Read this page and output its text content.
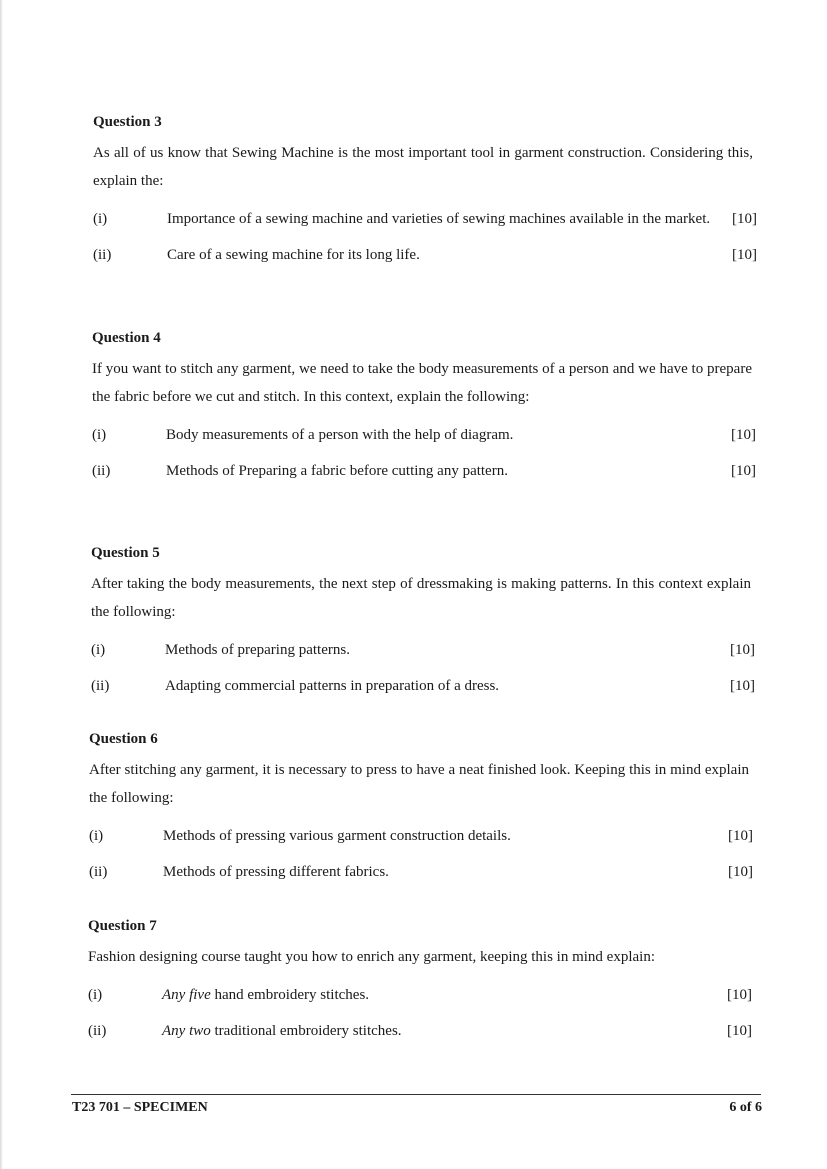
Question 3

As all of us know that Sewing Machine is the most important tool in garment construction. Considering this, explain the:

(i)	Importance of a sewing machine and varieties of sewing machines available in the market.	[10]
(ii)	Care of a sewing machine for its long life.	[10]
Question 4

If you want to stitch any garment, we need to take the body measurements of a person and we have to prepare the fabric before we cut and stitch. In this context, explain the following:

(i)	Body measurements of a person with the help of diagram.	[10]
(ii)	Methods of Preparing a fabric before cutting any pattern.	[10]
Question 5

After taking the body measurements, the next step of dressmaking is making patterns. In this context explain the following:

(i)	Methods of preparing patterns.	[10]
(ii)	Adapting commercial patterns in preparation of a dress.	[10]
Question 6

After stitching any garment, it is necessary to press to have a neat finished look. Keeping this in mind explain the following:

(i)	Methods of pressing various garment construction details.	[10]
(ii)	Methods of pressing different fabrics.	[10]
Question 7

Fashion designing course taught you how to enrich any garment, keeping this in mind explain:

(i)	Any five hand embroidery stitches.	[10]
(ii)	Any two traditional embroidery stitches.	[10]
T23 701 – SPECIMEN	6 of 6
